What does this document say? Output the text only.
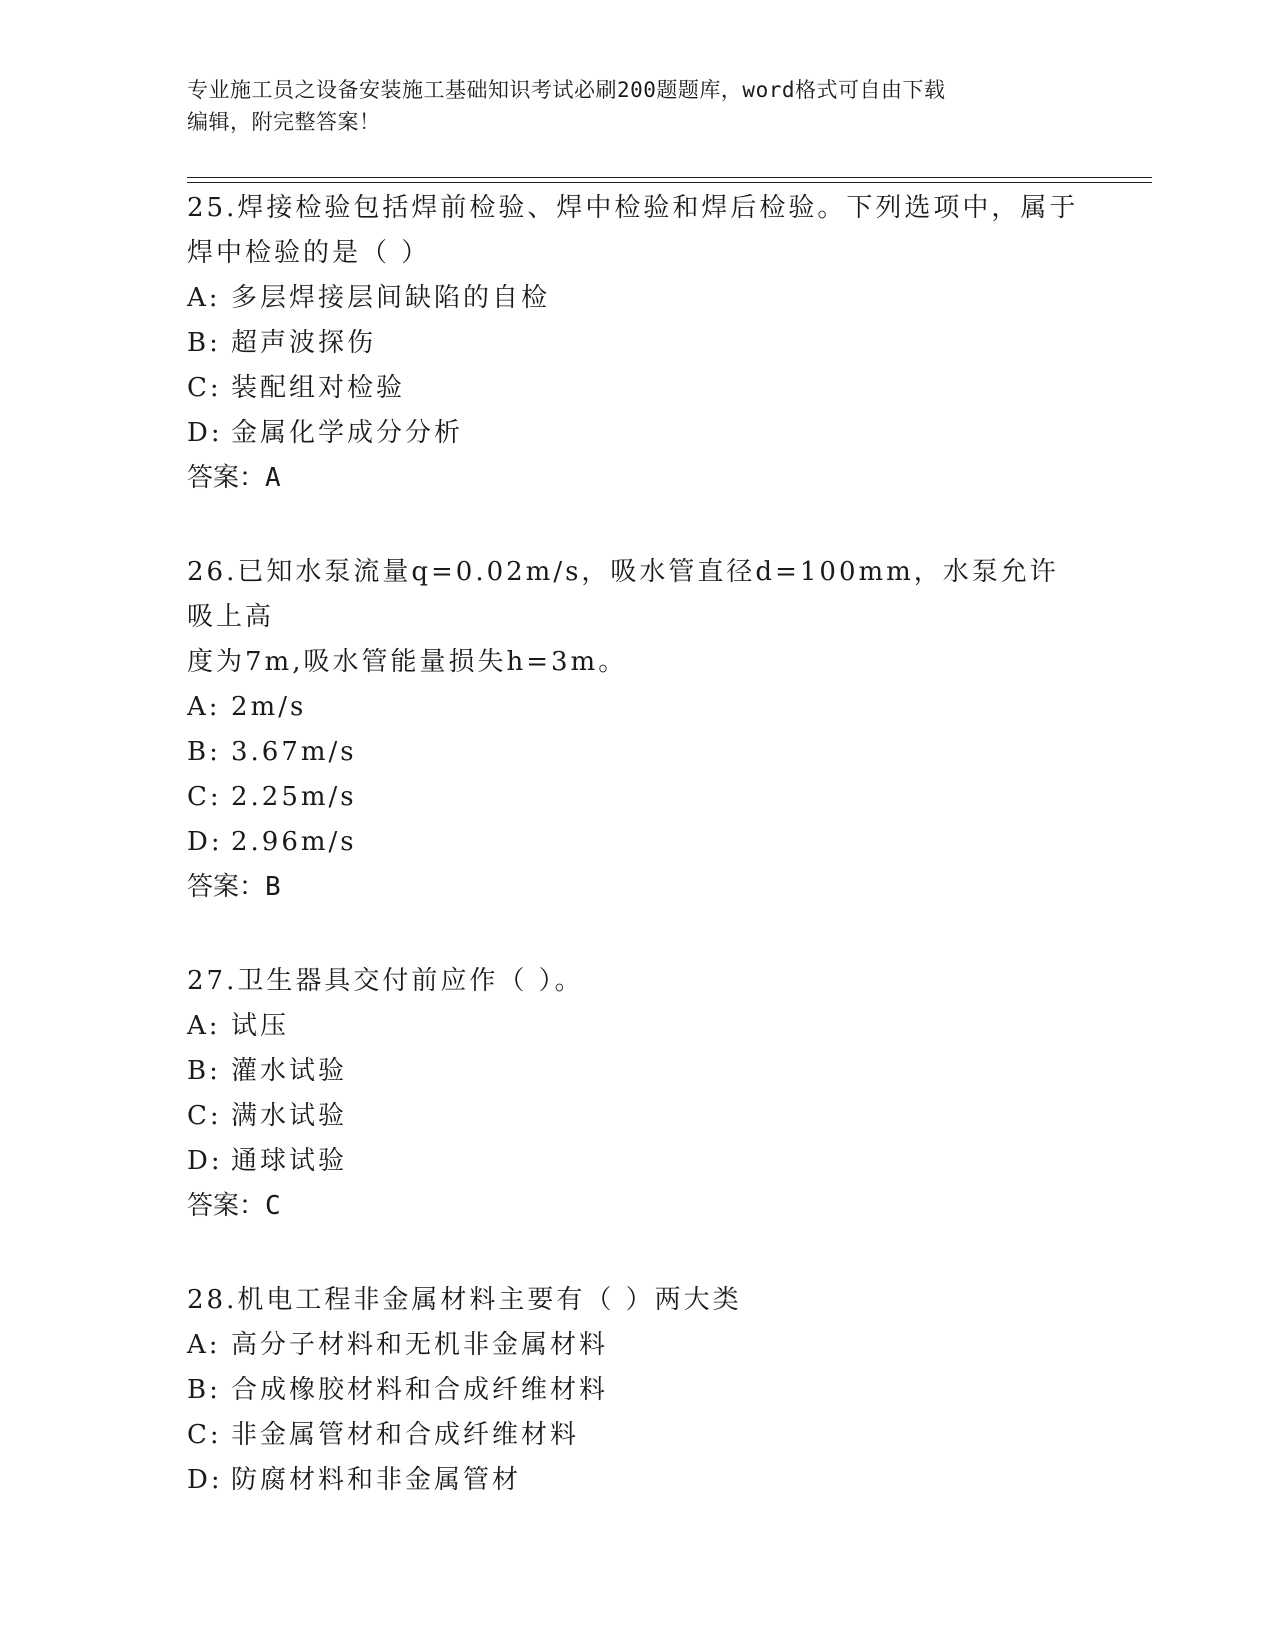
专业施工员之设备安装施工基础知识考试必刷200题题库，word格式可自由下载
编辑，附完整答案！
25.焊接检验包括焊前检验、焊中检验和焊后检验。下列选项中，属于
焊中检验的是（ ）
A: 多层焊接层间缺陷的自检
B: 超声波探伤
C: 装配组对检验
D: 金属化学成分分析
答案：A
26.已知水泵流量q=0.02m/s，吸水管直径d=100mm，水泵允许吸上高
度为7m,吸水管能量损失h=3m。
A: 2m/s
B: 3.67m/s
C: 2.25m/s
D: 2.96m/s
答案：B
27.卫生器具交付前应作（ ）。
A: 试压
B: 灌水试验
C: 满水试验
D: 通球试验
答案：C
28.机电工程非金属材料主要有（ ）两大类
A: 高分子材料和无机非金属材料
B: 合成橡胶材料和合成纤维材料
C: 非金属管材和合成纤维材料
D: 防腐材料和非金属管材
